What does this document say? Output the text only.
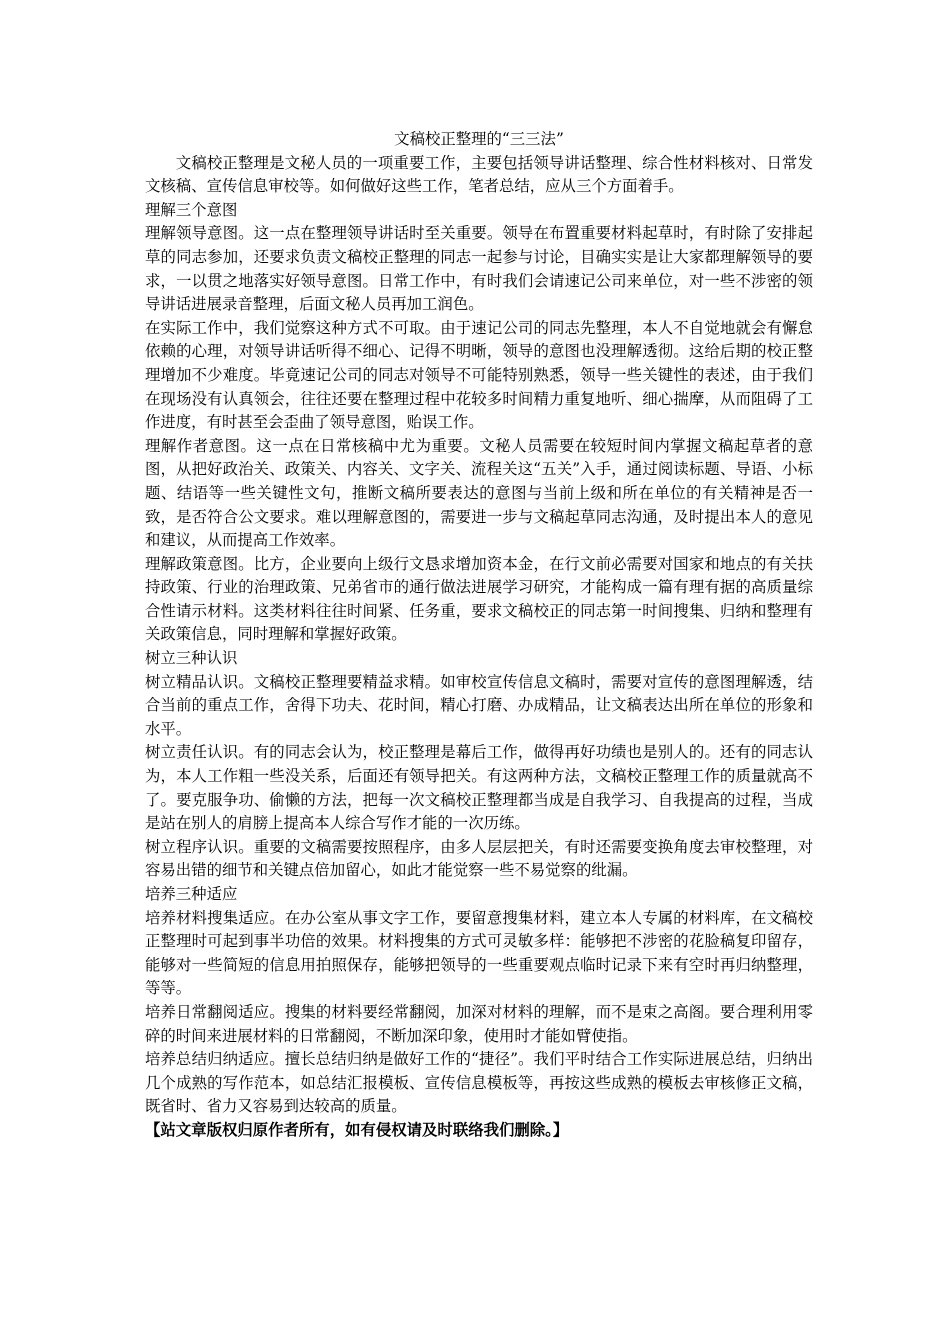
文稿校正整理的“三三法”

文稿校正整理是文秘人员的一项重要工作，主要包括领导讲话整理、综合性材料核对、日常发文核稿、宣传信息审校等。如何做好这些工作，笔者总结，应从三个方面着手。

理解三个意图

理解领导意图。这一点在整理领导讲话时至关重要。领导在布置重要材料起草时，有时除了安排起草的同志参加，还要求负责文稿校正整理的同志一起参与讨论，目确实实是让大家都理解领导的要求，一以贯之地落实好领导意图。日常工作中，有时我们会请速记公司来单位，对一些不涉密的领导讲话进展录音整理，后面文秘人员再加工润色。

在实际工作中，我们觉察这种方式不可取。由于速记公司的同志先整理，本人不自觉地就会有懈怠依赖的心理，对领导讲话听得不细心、记得不明晰，领导的意图也没理解透彻。这给后期的校正整理增加不少难度。毕竟速记公司的同志对领导不可能特别熟悉，领导一些关键性的表述，由于我们在现场没有认真领会，往往还要在整理过程中花较多时间精力重复地听、细心揣摩，从而阻碍了工作进度，有时甚至会歪曲了领导意图，贻误工作。

理解作者意图。这一点在日常核稿中尤为重要。文秘人员需要在较短时间内掌握文稿起草者的意图，从把好政治关、政策关、内容关、文字关、流程关这“五关”入手，通过阅读标题、导语、小标题、结语等一些关键性文句，推断文稿所要表达的意图与当前上级和所在单位的有关精神是否一致，是否符合公文要求。难以理解意图的，需要进一步与文稿起草同志沟通，及时提出本人的意见和建议，从而提高工作效率。

理解政策意图。比方，企业要向上级行文恳求增加资本金，在行文前必需要对国家和地点的有关扶持政策、行业的治理政策、兄弟省市的通行做法进展学习研究，才能构成一篇有理有据的高质量综合性请示材料。这类材料往往时间紧、任务重，要求文稿校正的同志第一时间搜集、归纳和整理有关政策信息，同时理解和掌握好政策。

树立三种认识

树立精品认识。文稿校正整理要精益求精。如审校宣传信息文稿时，需要对宣传的意图理解透，结合当前的重点工作，舍得下功夫、花时间，精心打磨、办成精品，让文稿表达出所在单位的形象和水平。

树立责任认识。有的同志会认为，校正整理是幕后工作，做得再好功绩也是别人的。还有的同志认为，本人工作粗一些没关系，后面还有领导把关。有这两种方法，文稿校正整理工作的质量就高不了。要克服争功、偷懒的方法，把每一次文稿校正整理都当成是自我学习、自我提高的过程，当成是站在别人的肩膀上提高本人综合写作才能的一次历练。

树立程序认识。重要的文稿需要按照程序，由多人层层把关，有时还需要变换角度去审校整理，对容易出错的细节和关键点倍加留心，如此才能觉察一些不易觉察的纰漏。

培养三种适应

培养材料搜集适应。在办公室从事文字工作，要留意搜集材料，建立本人专属的材料库，在文稿校正整理时可起到事半功倍的效果。材料搜集的方式可灵敏多样：能够把不涉密的花脸稿复印留存，能够对一些简短的信息用拍照保存，能够把领导的一些重要观点临时记录下来有空时再归纳整理，等等。

培养日常翻阅适应。搜集的材料要经常翻阅，加深对材料的理解，而不是束之高阁。要合理利用零碎的时间来进展材料的日常翻阅，不断加深印象，使用时才能如臂使指。

培养总结归纳适应。擅长总结归纳是做好工作的“捷径”。我们平时结合工作实际进展总结，归纳出几个成熟的写作范本，如总结汇报模板、宣传信息模板等，再按这些成熟的模板去审核修正文稿，既省时、省力又容易到达较高的质量。

【站文章版权归原作者所有，如有侵权请及时联络我们删除。】
